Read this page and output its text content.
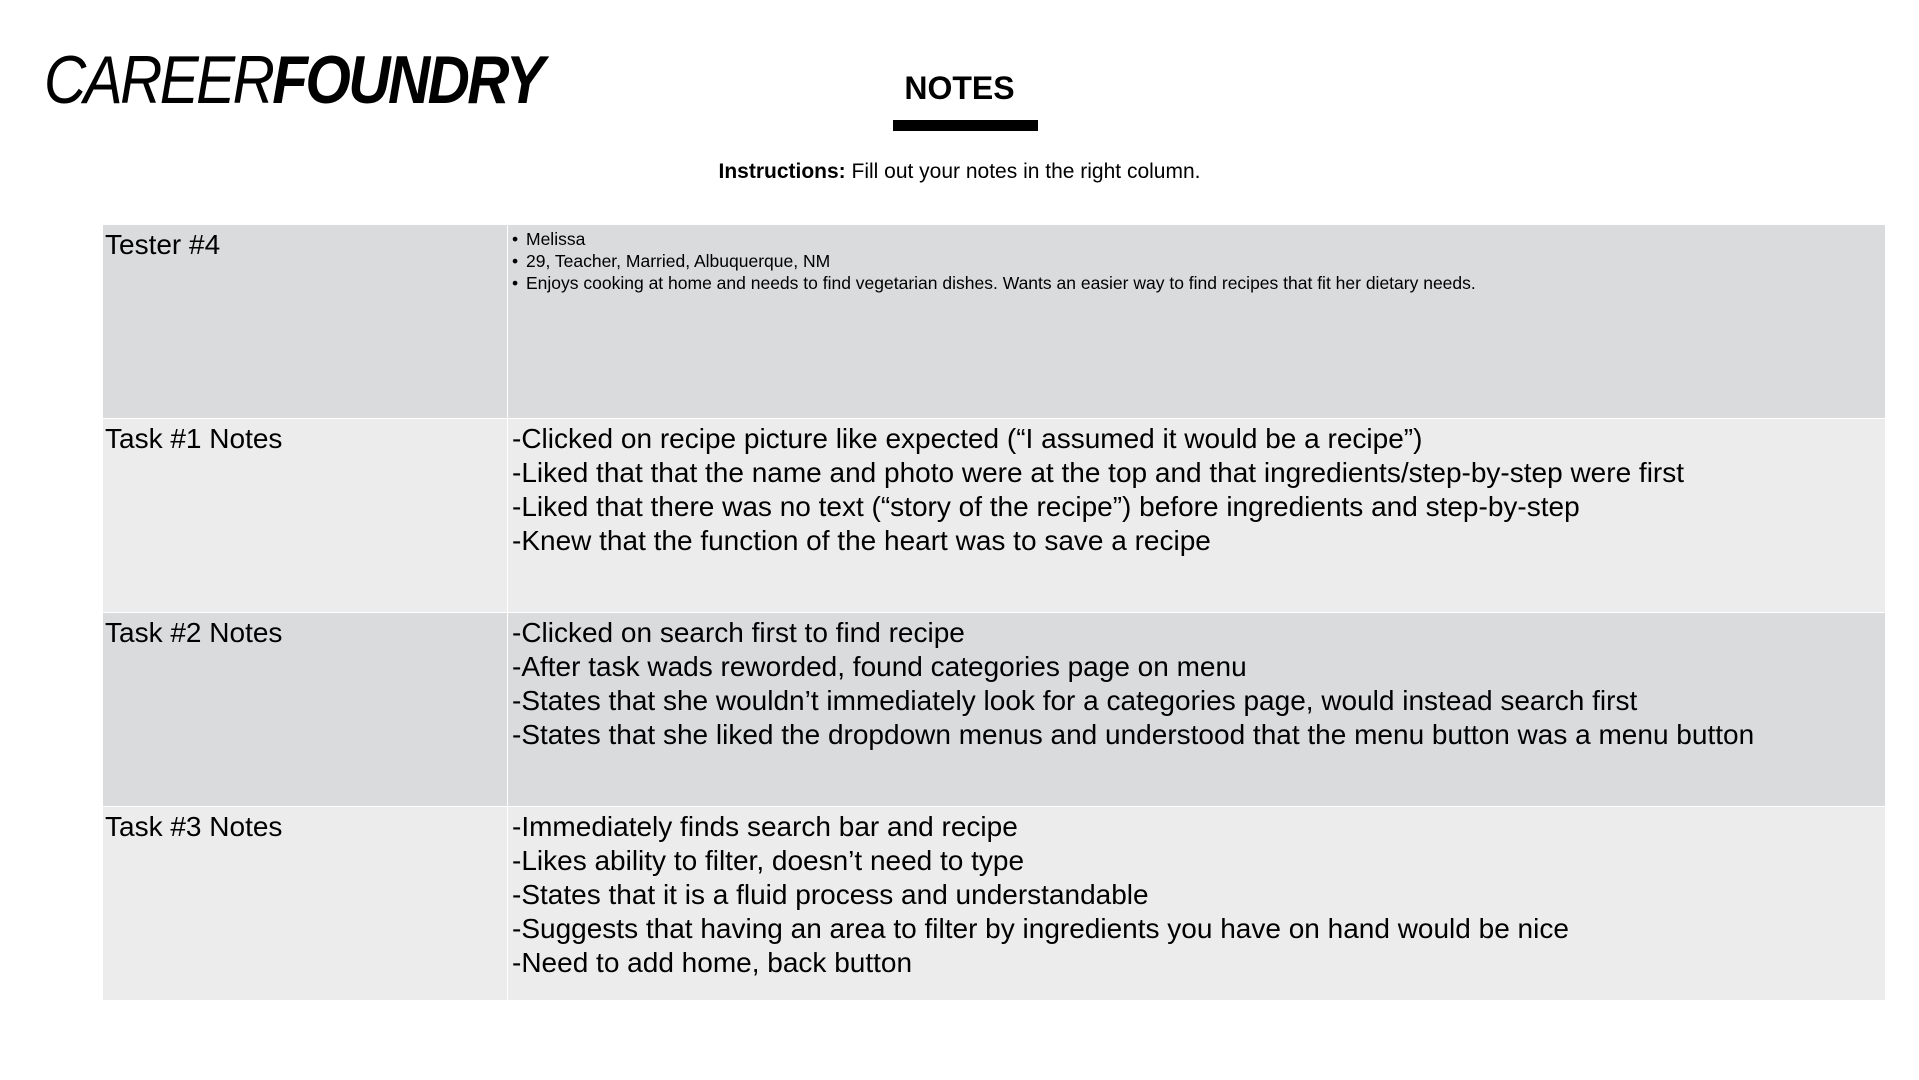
CAREERFOUNDRY	NOTES
Instructions: Fill out your notes in the right column.
Tester #4
•	Melissa
• 29, Teacher, Married, Albuquerque, NM
• Enjoys cooking at home and needs to find vegetarian dishes. Wants an easier way to find recipes that fit her dietary needs.
Task #1 Notes	-Clicked on recipe picture like expected (“I assumed it would be a recipe”)
-Liked that that the name and photo were at the top and that ingredients/step-by-step were first
-Liked that there was no text (“story of the recipe”) before ingredients and step-by-step
-Knew that the function of the heart was to save a recipe
Task #2 Notes	-Clicked on search first to find recipe
-After task wads reworded, found categories page on menu
-States that she wouldn’t immediately look for a categories page, would instead search first
-States that she liked the dropdown menus and understood that the menu button was a menu button
Task #3 Notes	-Immediately finds search bar and recipe
-Likes ability to filter, doesn’t need to type
-States that it is a fluid process and understandable
-Suggests that having an area to filter by ingredients you have on hand would be nice
-Need to add home, back button
